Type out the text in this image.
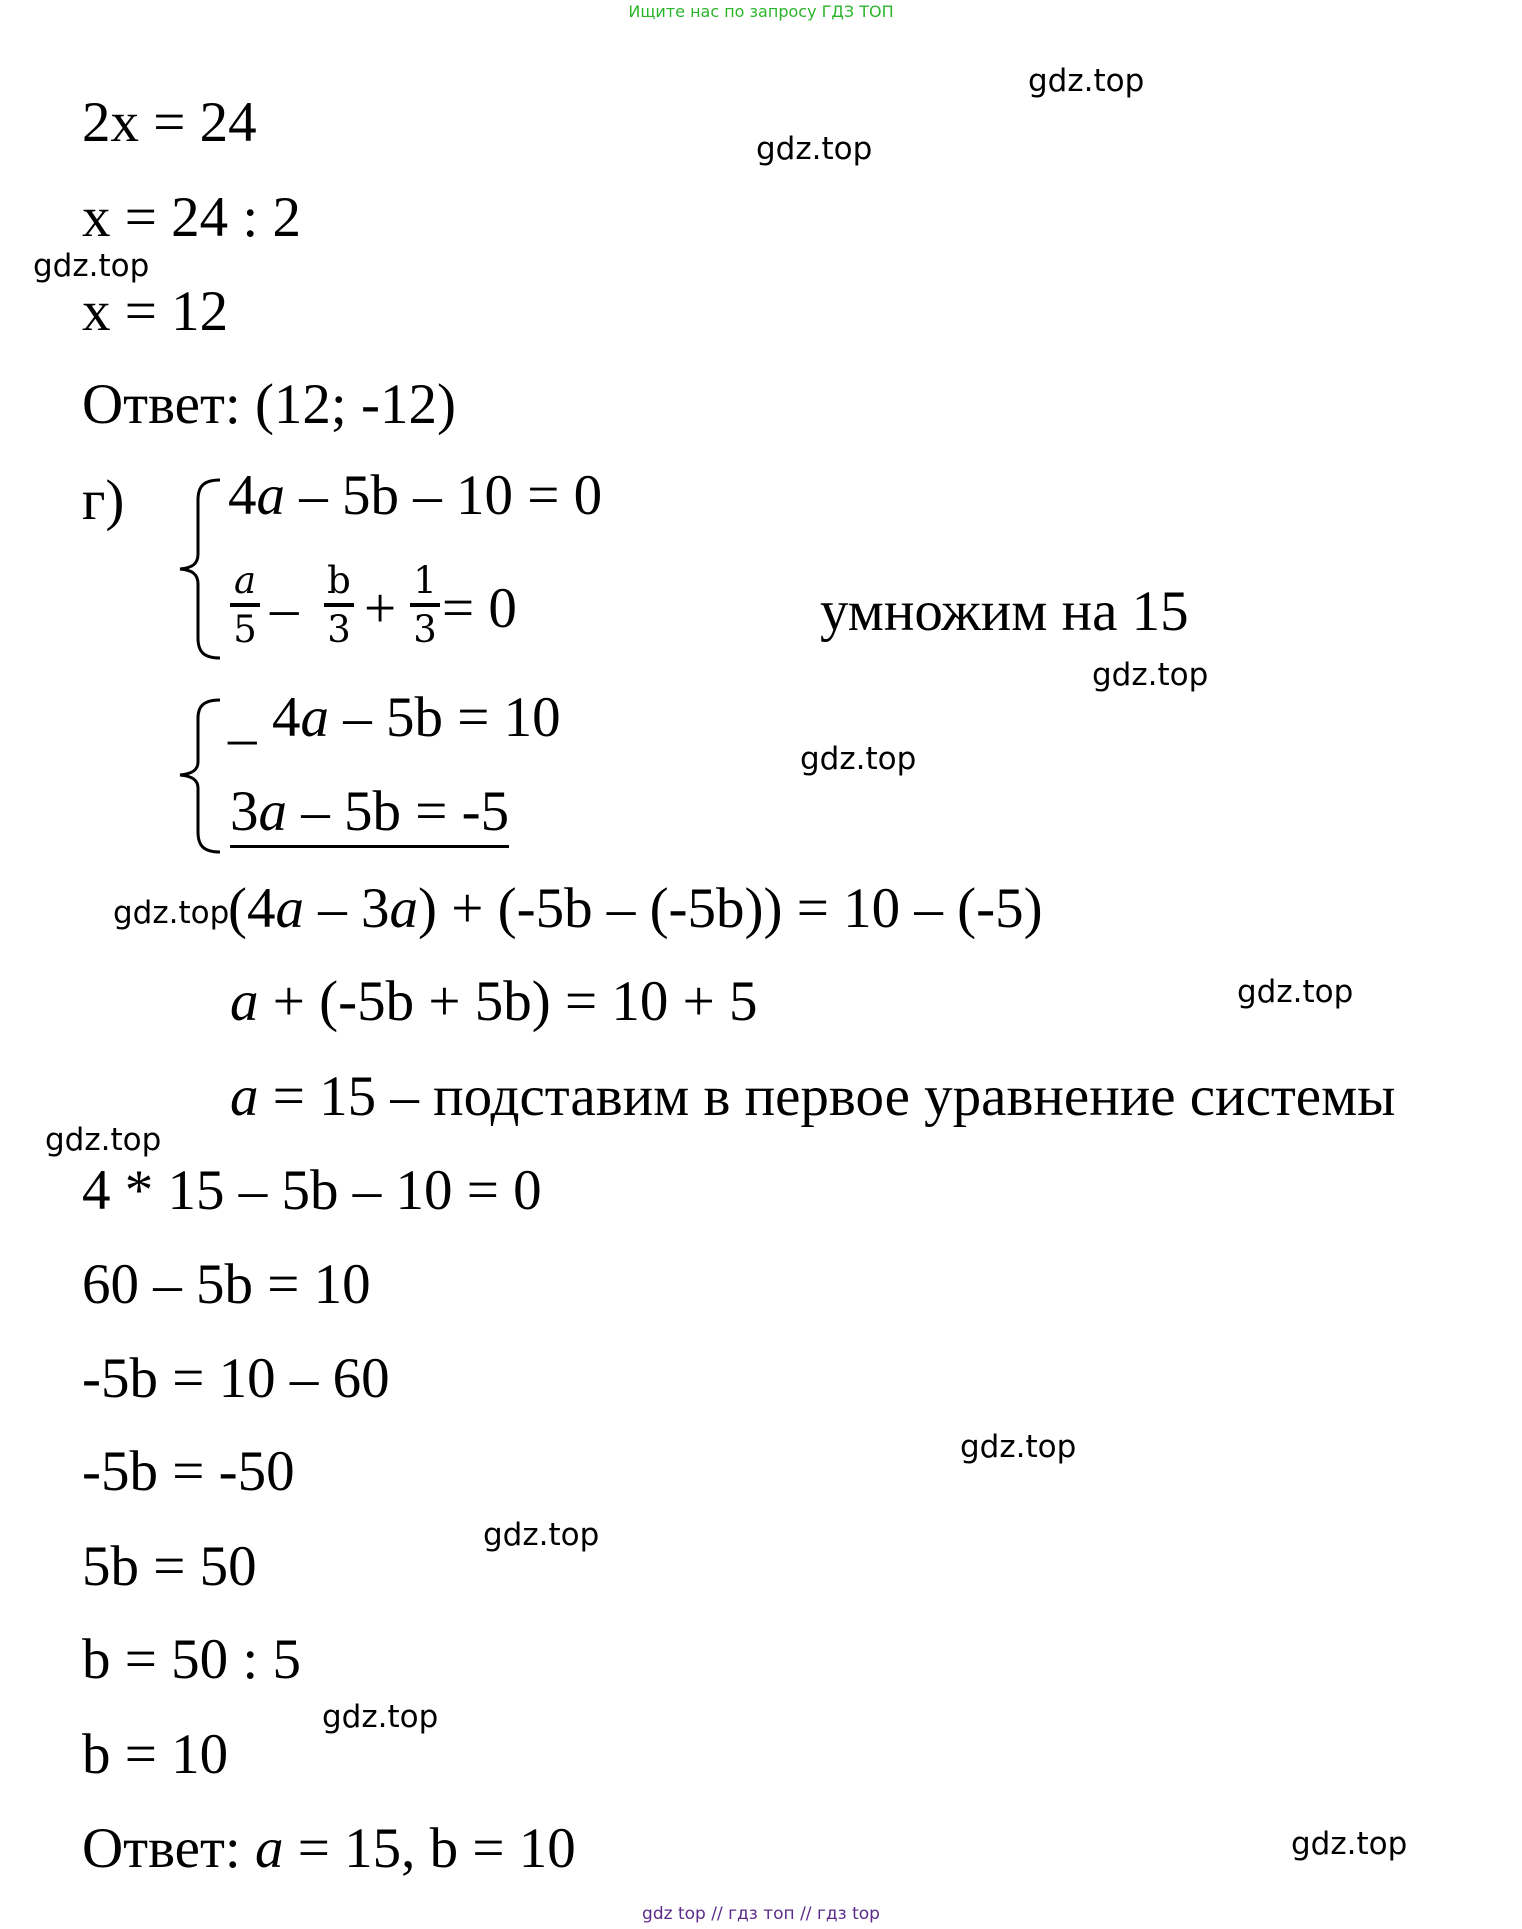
Ищите нас по запросу ГДЗ ТОП
gdz.top
gdz.top
gdz.top
gdz.top
gdz.top
gdz.top
gdz.top
gdz.top
gdz.top
gdz.top
gdz.top
gdz.top
2x = 24
x = 24 : 2
x = 12
Ответ: (12; -12)
г) 4a – 5b – 10 = 0
a
5 – b
3 + 1
3 = 0	умножим на 15
_ 4a – 5b = 10
3a – 5b = -5
(4a – 3a) + (-5b – (-5b)) = 10 – (-5)
a + (-5b + 5b) = 10 + 5
a = 15 – подставим в первое уравнение системы
4 * 15 – 5b – 10 = 0
60 – 5b = 10
-5b = 10 – 60
-5b = -50
5b = 50
b = 50 : 5
b = 10
Ответ: a = 15, b = 10
gdz top // гдз топ // гдз top
